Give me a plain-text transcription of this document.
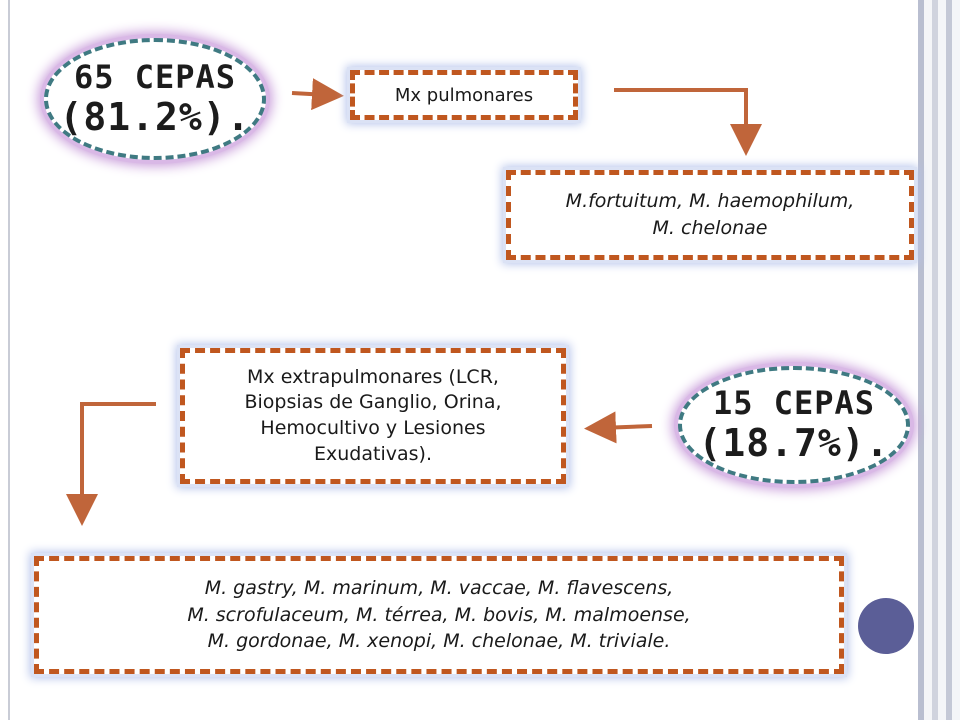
65 CEPAS
(81.2%).
15 CEPAS
(18.7%).
Mx pulmonares
M.fortuitum, M. haemophilum,
M. chelonae
Mx extrapulmonares (LCR,
Biopsias de Ganglio, Orina,
Hemocultivo y Lesiones
Exudativas).
M. gastry, M. marinum, M. vaccae, M. flavescens,
M. scrofulaceum, M. térrea, M. bovis, M. malmoense,
M. gordonae, M. xenopi, M. chelonae, M. triviale.
